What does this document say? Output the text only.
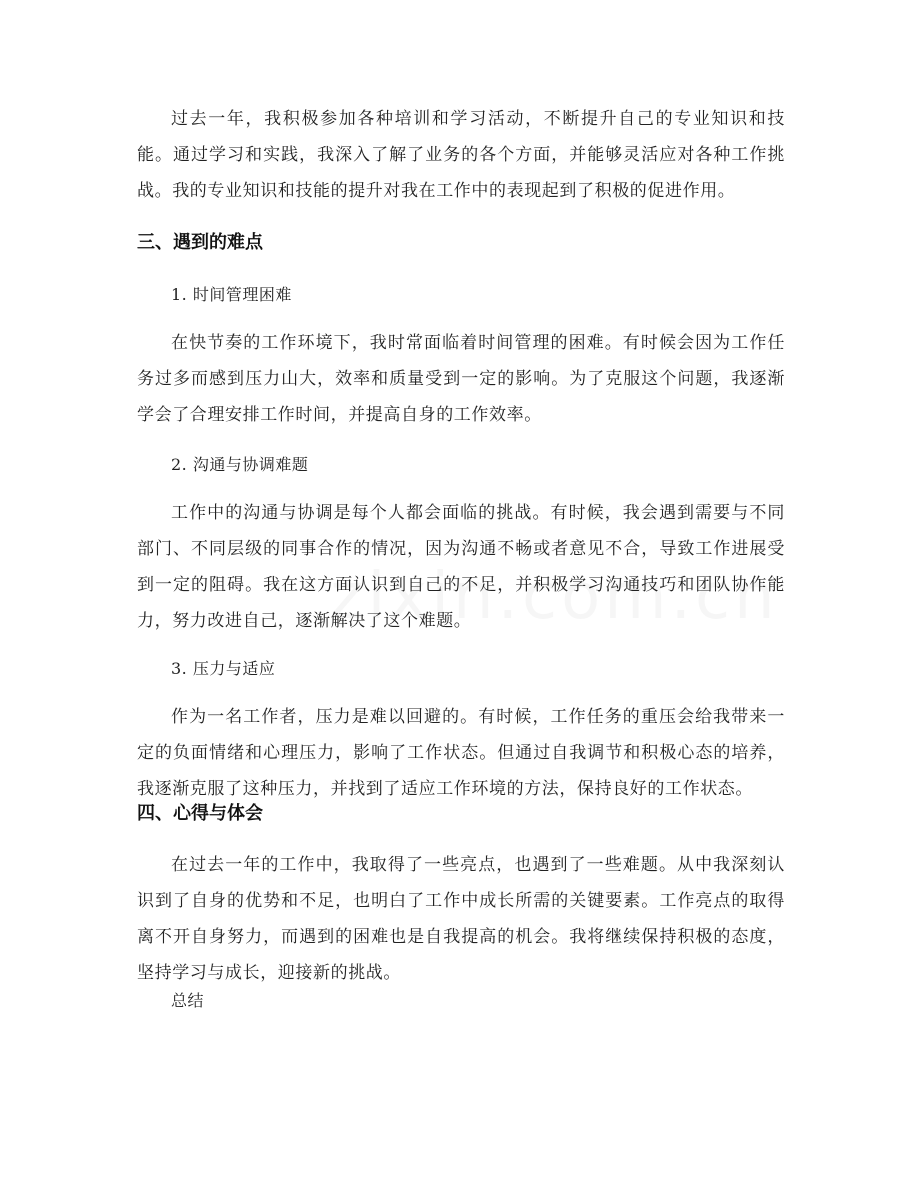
过去一年，我积极参加各种培训和学习活动，不断提升自己的专业知识和技能。通过学习和实践，我深入了解了业务的各个方面，并能够灵活应对各种工作挑战。我的专业知识和技能的提升对我在工作中的表现起到了积极的促进作用。

三、遇到的难点

1. 时间管理困难

在快节奏的工作环境下，我时常面临着时间管理的困难。有时候会因为工作任务过多而感到压力山大，效率和质量受到一定的影响。为了克服这个问题，我逐渐学会了合理安排工作时间，并提高自身的工作效率。

2. 沟通与协调难题

工作中的沟通与协调是每个人都会面临的挑战。有时候，我会遇到需要与不同部门、不同层级的同事合作的情况，因为沟通不畅或者意见不合，导致工作进展受到一定的阻碍。我在这方面认识到自己的不足，并积极学习沟通技巧和团队协作能力，努力改进自己，逐渐解决了这个难题。

3. 压力与适应

作为一名工作者，压力是难以回避的。有时候，工作任务的重压会给我带来一定的负面情绪和心理压力，影响了工作状态。但通过自我调节和积极心态的培养，我逐渐克服了这种压力，并找到了适应工作环境的方法，保持良好的工作状态。

四、心得与体会

在过去一年的工作中，我取得了一些亮点，也遇到了一些难题。从中我深刻认识到了自身的优势和不足，也明白了工作中成长所需的关键要素。工作亮点的取得离不开自身努力，而遇到的困难也是自我提高的机会。我将继续保持积极的态度，坚持学习与成长，迎接新的挑战。

总结
